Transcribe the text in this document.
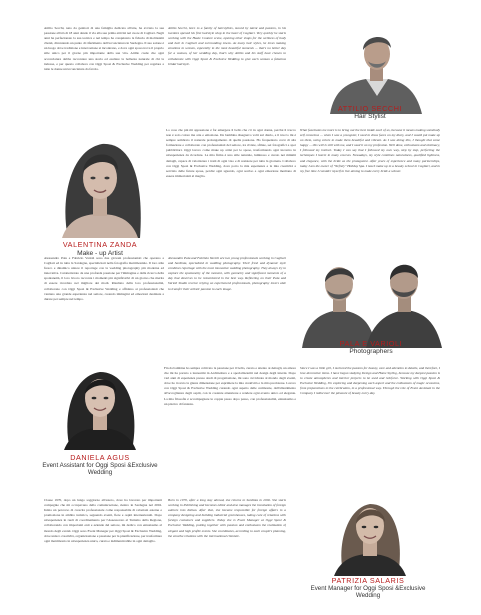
Attilio Secchi, nato da genitori di una famiglia dedicata all'arte, ha avviato la sua passione all'età di 18 anni dando il via alla sua prima attività nel cuore di Cagliari. Negli anni ha perfezionato la sua tecnica e nel tempo ha conquistato la fiducia di moltissimi clienti, diventando un punto di riferimento dell'acconciatura in Sardegna. Il suo salone è un luogo dove tradizione e innovazione si incontrano, e dove ogni sposa trova il proprio stile unico per il giorno più importante della sua vita. Attilio crede che ogni acconciatura debba raccontare una storia ed esaltare la bellezza naturale di chi la indossa, e per questo collabora con Oggi Sposi & Exclusive Wedding per regalare a tutte le donne un'acconciatura da favola.
Attilio Secchi, born to a family of hairstylists, moved by talent and passion, in his twenties opened his first hairstyle shop in the heart of Cagliari. Very quickly he starts working with the Haute Couture scene, opening other shops for the wellness of body and hair in Cagliari and surrounding towns. As many hair styles, he loves making emotions to women, especially in the most beautiful moments ... that's no better day for a woman, of her wedding day, that's why Attilio and his staff have chosen to collaborate with Oggi Sposi & Exclusive Wedding to give each woman a fabulous bridal hairstyle.
ATTILIO SECCHI
Hair Stylist
VALENTINA ZANDA
Make - up Artist
Lo cosa che più mi appassiona è far emergere il bello che c'è in ogni donna, perché il trucco non è solo colore ma arte e emozione. Da bambina disegnavo volti sul diario, e il trucco mi è sempre sembrato il naturale prolungamento di quella passione. Ho frequentato corsi di alta formazione e collaborato con professionisti del settore, tra riviste, sfilate, set fotografici e spot pubblicitari. Oggi lavoro come make up artist per le spose, trasformando ogni incontro in un'esperienza da ricordare. La mia firma è uno stile naturale, luminoso e curato nei minimi dettagli, capace di valorizzare i tratti di ogni viso e di resistere per tutta la giornata. Collaboro con Oggi Sposi & Exclusive Wedding, dove porto la mia esperienza e la mia creatività a servizio delle future spose, perché ogni sguardo, ogni sorriso e ogni emozione meritano di essere immortalati al meglio.
What fascinates me more is to bring out the best inside each of us, because it means making somebody self conscious ... when I was a youngster, I used to draw faces on my diary, and I would put make up on them, using colors to make them beautiful and vibrant. As I was doing this, I thought that some happy ... this will is still with me, and I used it on my profession. Well done, enthusiasm and obstinacy, I followed my instinct. Today I can say that I followed my own way, step by step, perfecting the techniques I learnt in many courses. Nowadays, my style combines naturalness, qualified lightness, and elegance, with the bride as the protagonist. After years of experience and many partnerships, today I am the owner of "Nefrely" Holiday Spa. I teach make up in a beauty school in Cagliari, and in my free time I consider myself to live aiming to make every bride a winner.
Alessandro Pala e Fabrizio Varioli sono due giovani professionisti che operano a Cagliari ed in tutta la Sardegna, specializzati nella fotografia matrimoniale. Il loro stile fresco e dinamico unisce il reportage con la wedding photography più moderna ed innovativa. Caratterizzato da una profonda passione per l'immagine e dalla ricerca della spontaneità, il loro lavoro racconta i momenti più significativi di un giorno che merita di essere ricordato nel migliore dei modi. Risultato della loro professionalità, collaborano con Oggi Sposi & Exclusive Wedding e affidano ai professionisti che vantano una grande esperienza nel settore, creando immagini ed emozioni destinate a durare per sempre nel tempo.
Alessandro Pala and Fabrizio Varioli are two young professionals working in Cagliari and Sardinia, specialized in wedding photography. Their fresh and dynamic style combines reportage with the most innovative wedding photography. They always try to capture the spontaneity of the moment, with geometry and significant moments of a day that deserves to be remembered in the best way. Reflecting on their Pala and Varioli Studio receive relying on experienced professionals, photography lovers able to transfer their artistic passion to each image.
PALA E VARIOLI
Photographers
DANIELA AGUS
Event Assistant for Oggi Sposi &Exclusive Wedding
Fin da bambina ho sempre coltivato la passione per il bello, curato e attento ai dettagli, un amore che mi ha portato a laurearmi in Architettura e a specializzarmi nel design degli interni. Dopo vari anni di esperienza presso studi di progettazione, mi sono avvicinata al mondo degli eventi, dove ho trovato la giusta dimensione per esprimere la mia creatività e la mia precisione. Lavoro con Oggi Sposi & Exclusive Wedding curando ogni aspetto delle cerimonie, dall'allestimento all'accoglienza degli ospiti, con la costante attenzione a rendere ogni evento unico ed elegante. La mia filosofia è accompagnare le coppie passo dopo passo, con professionalità, entusiasmo e un pizzico di fantasia.
Since I was a little girl, I nurtured the passion for beauty, care and attention to details, and therefore, I love decorative items. I have begun studying Design and Home Styling, because my deepest passion is to create atmospheres and interior projects to be used and reinforce. Working with Oggi Sposi & Exclusive Wedding, I'm exploring and deepening each aspect and the enthusiasm of magic occasions, from preparations to the celebration, in a professional way. Through the role of Event Assistant in the Company I rediscover the pleasure of beauty every day.
Classe 1970, dopo un lungo soggiorno all'estero, dove ha lavorato per importanti compagnie che mi occupavano della comunicazione, rientro in Sardegna nel 2002. Inizia un percorso di crescita professionale come responsabile di relazioni esterne e promozione in ambito turistico, seguendo eventi, fiere e ospiti internazionali. Dopo un'esperienza in ruoli di coordinamento per l'Assessorato al Turismo della Regione, collaborando con importanti enti e aziende del settore, mi dedico con entusiasmo al mondo degli eventi. Oggi sono Event Manager per Oggi Sposi & Exclusive Wedding, dove unisco creatività, organizzazione e passione per la pianificazione, per trasformare ogni matrimonio in un'esperienza unica, curata e indimenticabile in ogni dettaglio.
Born in 1970, after a long stay abroad, she returns to Sardinia in 2002. She starts working in Publishing and becomes editor and also manages the translation of foreign authors into Italian. After that, she became responsible for foreign affairs in a company designing and building industrial greenhouses, taking care of relations with foreign customers and suppliers. Today she is Event Manager at Oggi Sposi & Exclusive Wedding, putting together with passion and enthusiasm the realization of elegant and high profile events. She coordinates, according to each couple's planning, the emotive relations with the international clientele.
PATRIZIA SALARIS
Event Manager for Oggi Sposi &Exclusive Wedding
